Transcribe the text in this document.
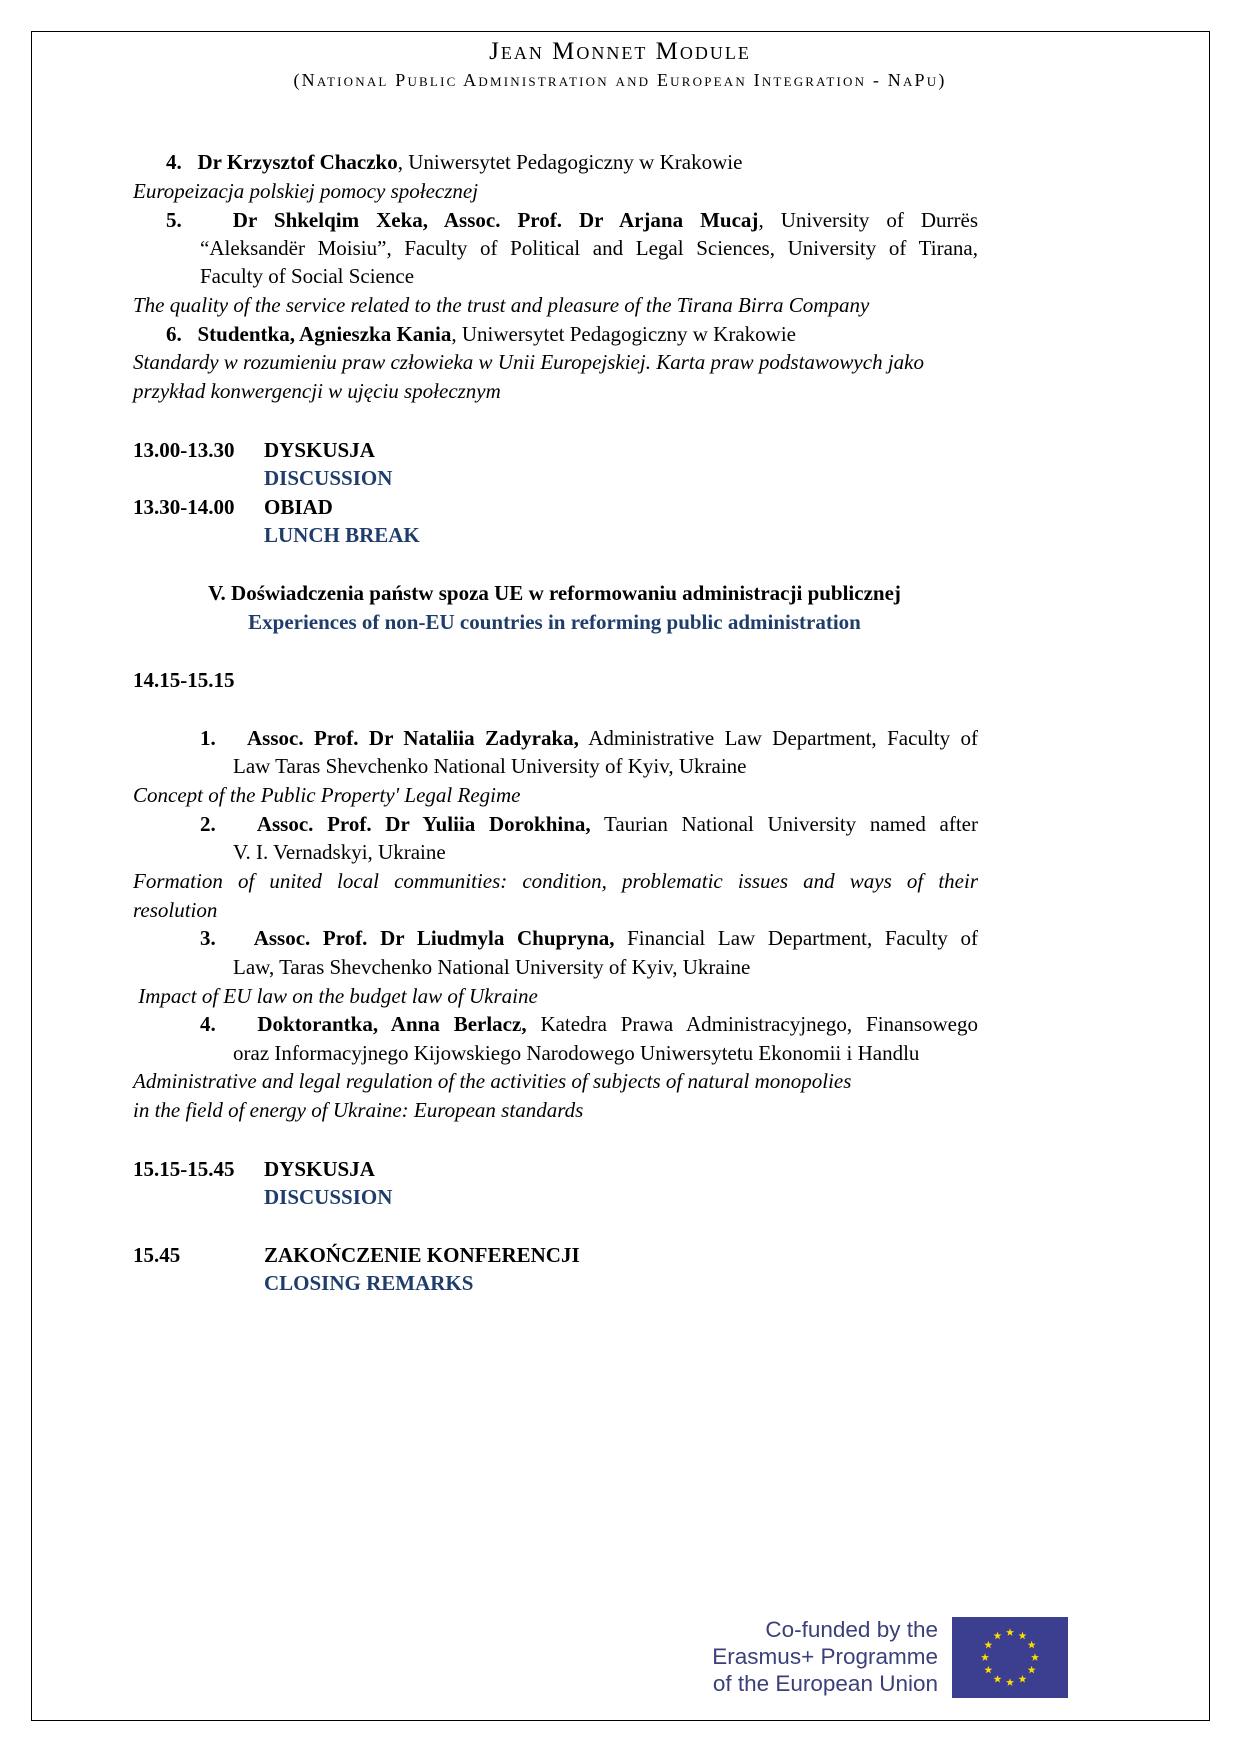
Jean Monnet Module
(National Public Administration and European Integration - NaPu)
4. Dr Krzysztof Chaczko, Uniwersytet Pedagogiczny w Krakowie
Europeizacja polskiej pomocy społecznej
5. Dr Shkelqim Xeka, Assoc. Prof. Dr Arjana Mucaj, University of Durrës
“Aleksandër Moisiu”, Faculty of Political and Legal Sciences, University of Tirana,
Faculty of Social Science
The quality of the service related to the trust and pleasure of the Tirana Birra Company
6. Studentka, Agnieszka Kania, Uniwersytet Pedagogiczny w Krakowie
Standardy w rozumieniu praw człowieka w Unii Europejskiej. Karta praw podstawowych jako
przykład konwergencji w ujęciu społecznym
13.00-13.30 DYSKUSJA
DISCUSSION
13.30-14.00 OBIAD
LUNCH BREAK
V. Doświadczenia państw spoza UE w reformowaniu administracji publicznej
Experiences of non-EU countries in reforming public administration
14.15-15.15
1. Assoc. Prof. Dr Nataliia Zadyraka, Administrative Law Department, Faculty of
Law Taras Shevchenko National University of Kyiv, Ukraine
Concept of the Public Property' Legal Regime
2. Assoc. Prof. Dr Yuliia Dorokhina, Taurian National University named after
V. I. Vernadskyi, Ukraine
Formation of united local communities: condition, problematic issues and ways of their
resolution
3. Assoc. Prof. Dr Liudmyla Chupryna, Financial Law Department, Faculty of
Law, Taras Shevchenko National University of Kyiv, Ukraine
Impact of EU law on the budget law of Ukraine
4. Doktorantka, Anna Berlacz, Katedra Prawa Administracyjnego, Finansowego
oraz Informacyjnego Kijowskiego Narodowego Uniwersytetu Ekonomii i Handlu
Administrative and legal regulation of the activities of subjects of natural monopolies
in the field of energy of Ukraine: European standards
15.15-15.45 DYSKUSJA
DISCUSSION
15.45	ZAKOŃCZENIE KONFERENCJI
CLOSING REMARKS
Co-funded by the
Erasmus+ Programme
of the European Union
